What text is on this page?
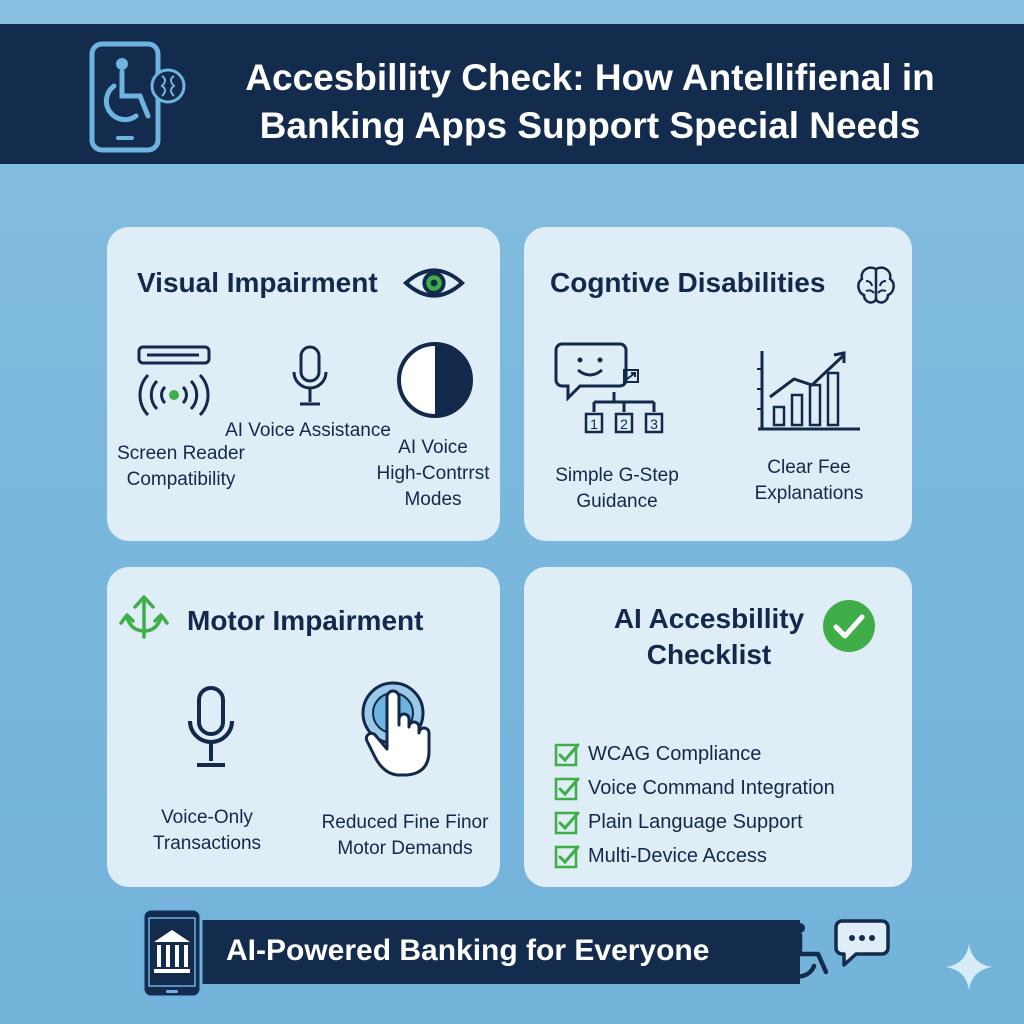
Accesbillity Check: How Antellifienal in
Banking Apps Support Special Needs
Visual Impairment
Screen Reader
Compatibility
AI Voice Assistance
AI Voice
High-Contrrst
Modes
Cogntive Disabilities
1 2 3
Simple G-Step
Guidance
Clear Fee
Explanations
Motor Impairment
Voice-Only
Transactions
Reduced Fine Finor
Motor Demands
AI Accesbillity
Checklist
WCAG Compliance
Voice Command Integration
Plain Language Support
Multi-Device Access
AI-Powered Banking for Everyone
